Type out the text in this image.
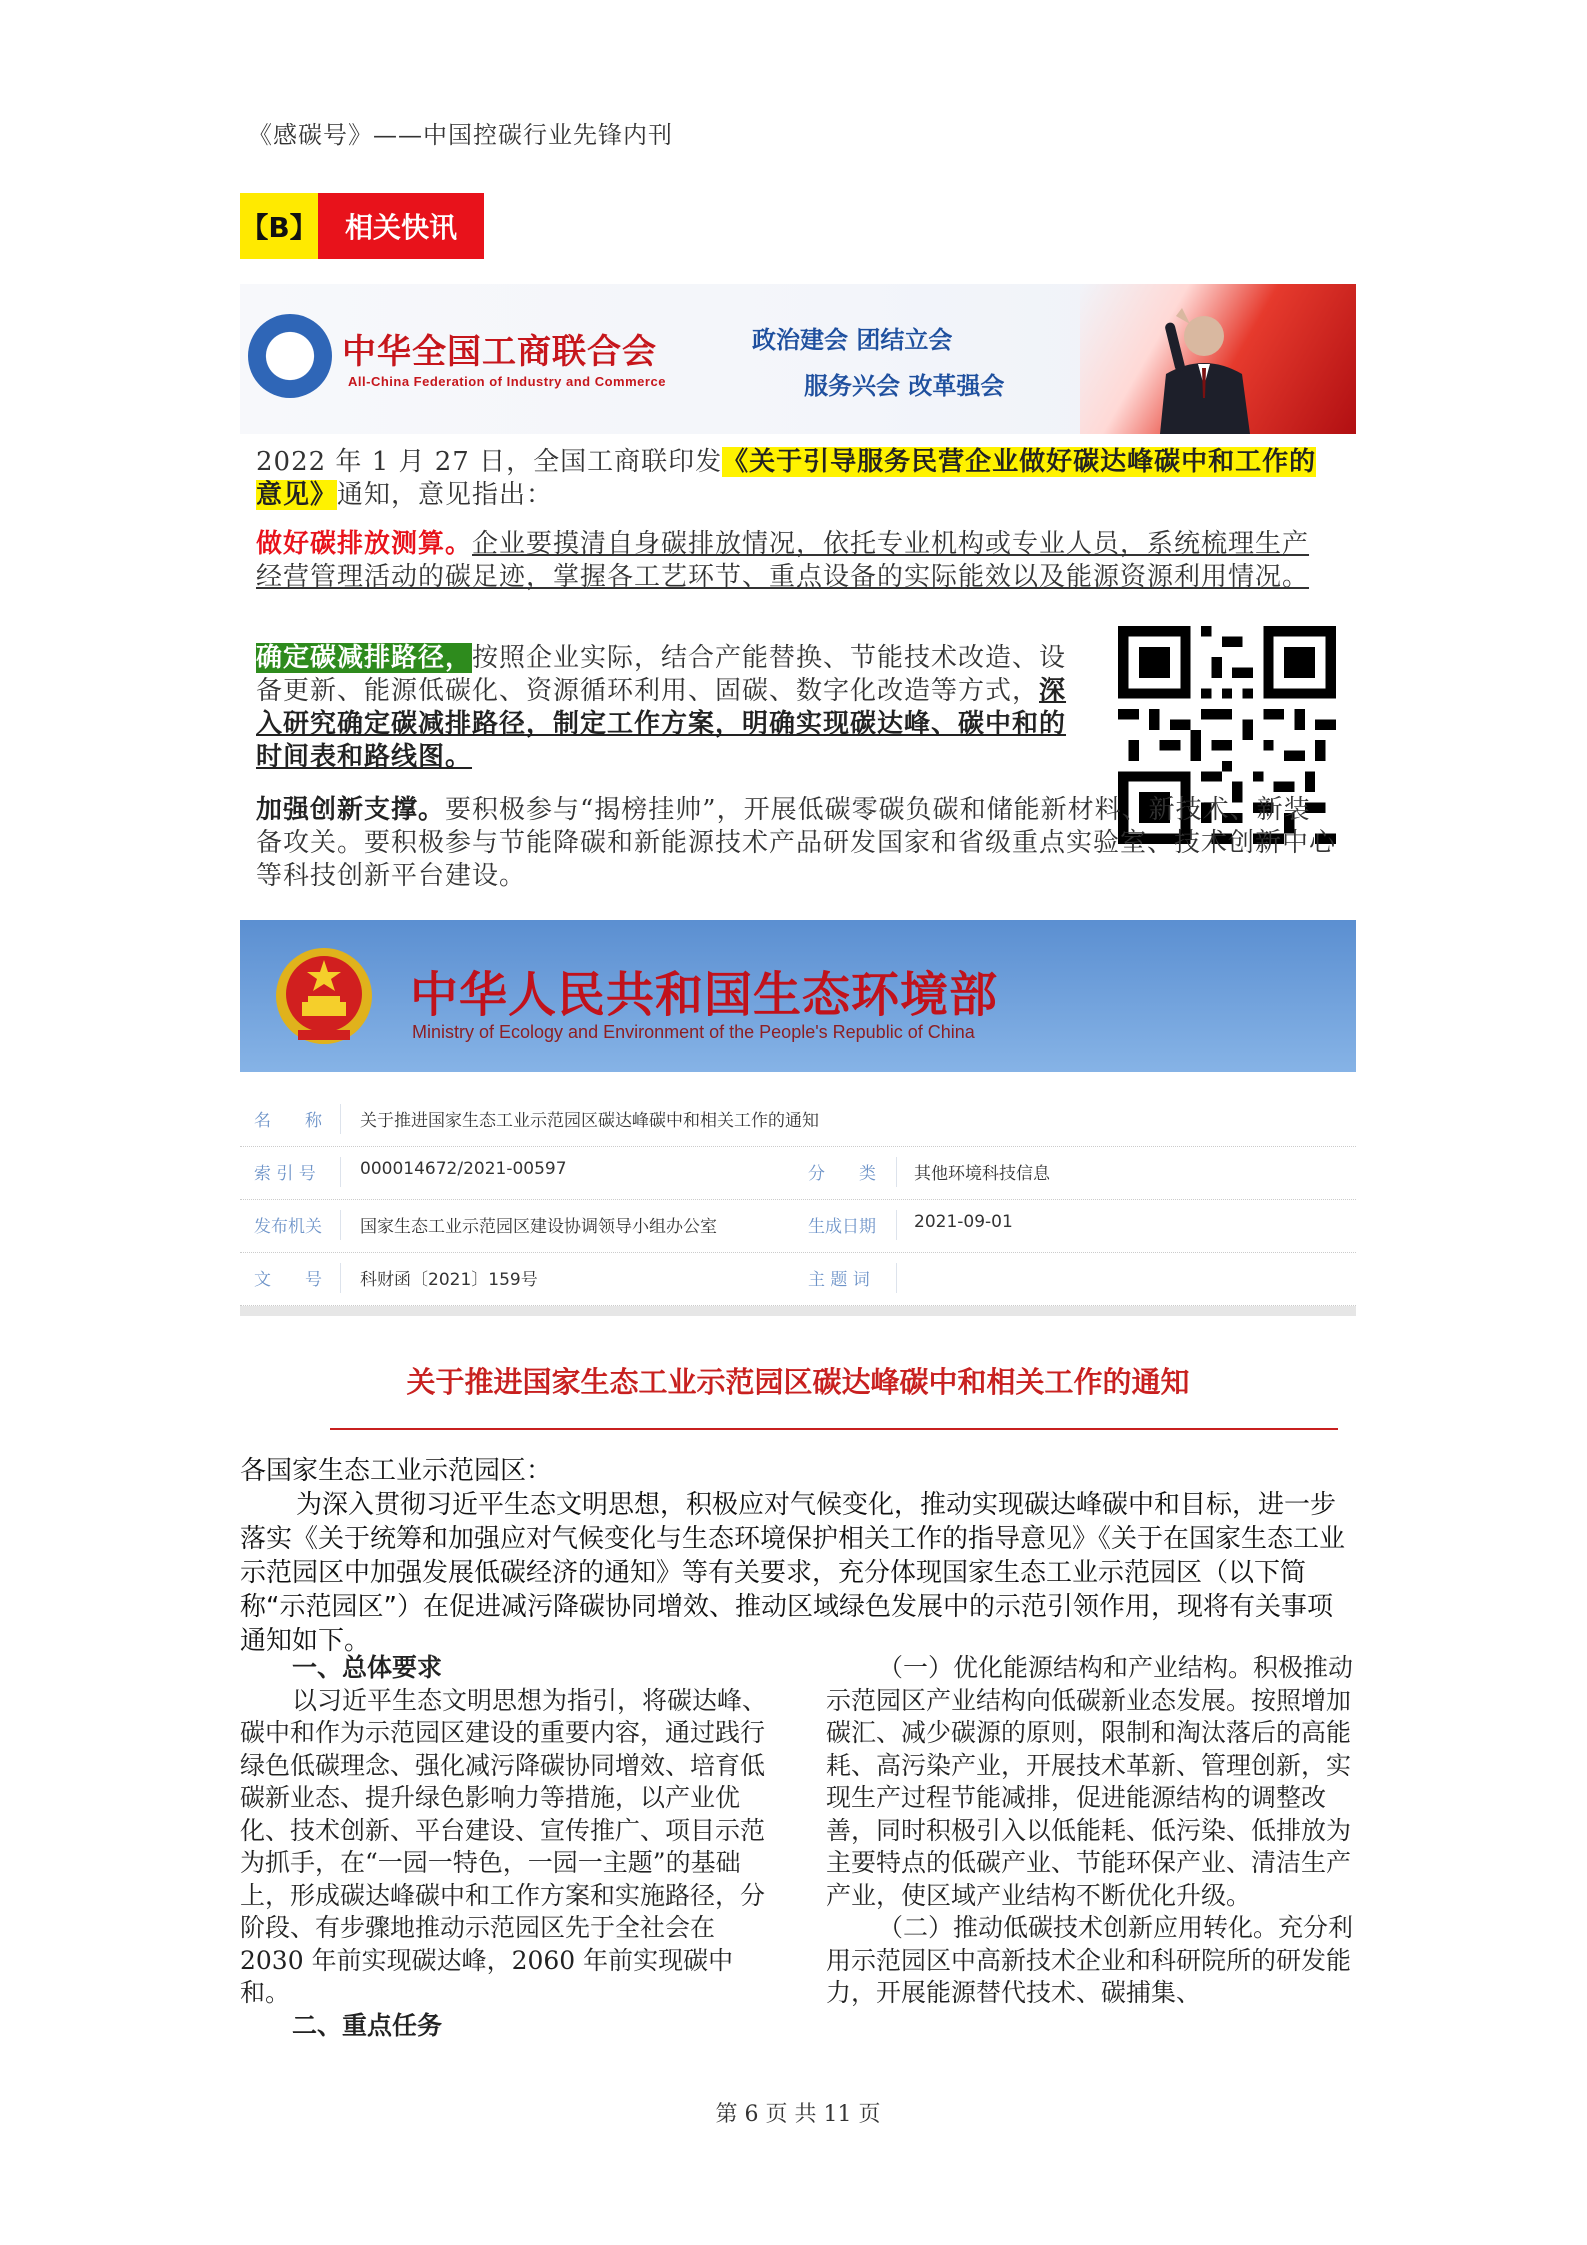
《感碳号》——中国控碳行业先锋内刊
【B】 相关快讯
中华全国工商联合会
All-China Federation of Industry and Commerce
政治建会 团结立会
服务兴会 改革强会
2022 年 1 月 27 日，全国工商联印发《关于引导服务民营企业做好碳达峰碳中和工作的意见》通知，意见指出：
做好碳排放测算。企业要摸清自身碳排放情况，依托专业机构或专业人员，系统梳理生产经营管理活动的碳足迹，掌握各工艺环节、重点设备的实际能效以及能源资源利用情况。
确定碳减排路径，按照企业实际，结合产能替换、节能技术改造、设备更新、能源低碳化、资源循环利用、固碳、数字化改造等方式，深入研究确定碳减排路径，制定工作方案，明确实现碳达峰、碳中和的时间表和路线图。
加强创新支撑。要积极参与“揭榜挂帅”，开展低碳零碳负碳和储能新材料、新技术、新装备攻关。要积极参与节能降碳和新能源技术产品研发国家和省级重点实验室、技术创新中心等科技创新平台建设。
中华人民共和国生态环境部
Ministry of Ecology and Environment of the People's Republic of China
名　　称 关于推进国家生态工业示范园区碳达峰碳中和相关工作的通知
索 引 号	000014672/2021-00597	分　　类 其他环境科技信息
发布机关 国家生态工业示范园区建设协调领导小组办公室	生成日期 2021-09-01
文　　号 科财函〔2021〕159号	主 题 词
关于推进国家生态工业示范园区碳达峰碳中和相关工作的通知
各国家生态工业示范园区：
为深入贯彻习近平生态文明思想，积极应对气候变化，推动实现碳达峰碳中和目标，进一步落实《关于统筹和加强应对气候变化与生态环境保护相关工作的指导意见》《关于在国家生态工业示范园区中加强发展低碳经济的通知》等有关要求，充分体现国家生态工业示范园区（以下简称“示范园区”）在促进减污降碳协同增效、推动区域绿色发展中的示范引领作用，现将有关事项通知如下。
一、总体要求
以习近平生态文明思想为指引，将碳达峰、碳中和作为示范园区建设的重要内容，通过践行绿色低碳理念、强化减污降碳协同增效、培育低碳新业态、提升绿色影响力等措施，以产业优化、技术创新、平台建设、宣传推广、项目示范为抓手，在“一园一特色，一园一主题”的基础上，形成碳达峰碳中和工作方案和实施路径，分阶段、有步骤地推动示范园区先于全社会在 2030 年前实现碳达峰，2060 年前实现碳中和。
二、重点任务
（一）优化能源结构和产业结构。积极推动示范园区产业结构向低碳新业态发展。按照增加碳汇、减少碳源的原则，限制和淘汰落后的高能耗、高污染产业，开展技术革新、管理创新，实现生产过程节能减排，促进能源结构的调整改善，同时积极引入以低能耗、低污染、低排放为主要特点的低碳产业、节能环保产业、清洁生产产业，使区域产业结构不断优化升级。
（二）推动低碳技术创新应用转化。充分利用示范园区中高新技术企业和科研院所的研发能力，开展能源替代技术、碳捕集、
第 6 页 共 11 页
